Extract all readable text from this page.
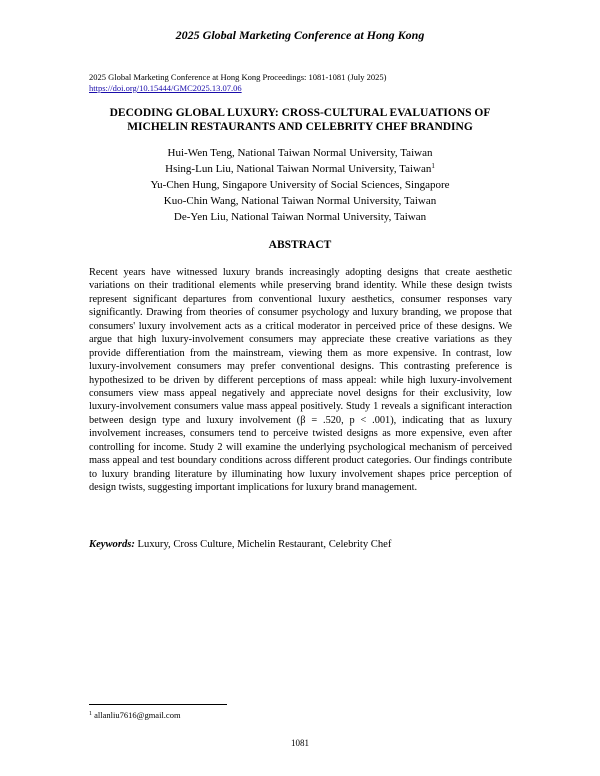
2025 Global Marketing Conference at Hong Kong
2025 Global Marketing Conference at Hong Kong Proceedings: 1081-1081 (July 2025)
https://doi.org/10.15444/GMC2025.13.07.06
DECODING GLOBAL LUXURY: CROSS-CULTURAL EVALUATIONS OF
MICHELIN RESTAURANTS AND CELEBRITY CHEF BRANDING
Hui-Wen Teng, National Taiwan Normal University, Taiwan
Hsing-Lun Liu, National Taiwan Normal University, Taiwan$^1$
Yu-Chen Hung, Singapore University of Social Sciences, Singapore
Kuo-Chin Wang, National Taiwan Normal University, Taiwan
De-Yen Liu, National Taiwan Normal University, Taiwan
ABSTRACT
Recent years have witnessed luxury brands increasingly adopting designs that create aesthetic variations on their traditional elements while preserving brand identity. While these design twists represent significant departures from conventional luxury aesthetics, consumer responses vary significantly. Drawing from theories of consumer psychology and luxury branding, we propose that consumers' luxury involvement acts as a critical moderator in perceived price of these designs. We argue that high luxury-involvement consumers may appreciate these creative variations as they provide differentiation from the mainstream, viewing them as more expensive. In contrast, low luxury-involvement consumers may prefer conventional designs. This contrasting preference is hypothesized to be driven by different perceptions of mass appeal: while high luxury-involvement consumers view mass appeal negatively and appreciate novel designs for their exclusivity, low luxury-involvement consumers value mass appeal positively. Study 1 reveals a significant interaction between design type and luxury involvement (β = .520, p < .001), indicating that as luxury involvement increases, consumers tend to perceive twisted designs as more expensive, even after controlling for income. Study 2 will examine the underlying psychological mechanism of perceived mass appeal and test boundary conditions across different product categories. Our findings contribute to luxury branding literature by illuminating how luxury involvement shapes price perception of design twists, suggesting important implications for luxury brand management.
Keywords: Luxury, Cross Culture, Michelin Restaurant, Celebrity Chef
$^1$ allanliu7616@gmail.com
1081
